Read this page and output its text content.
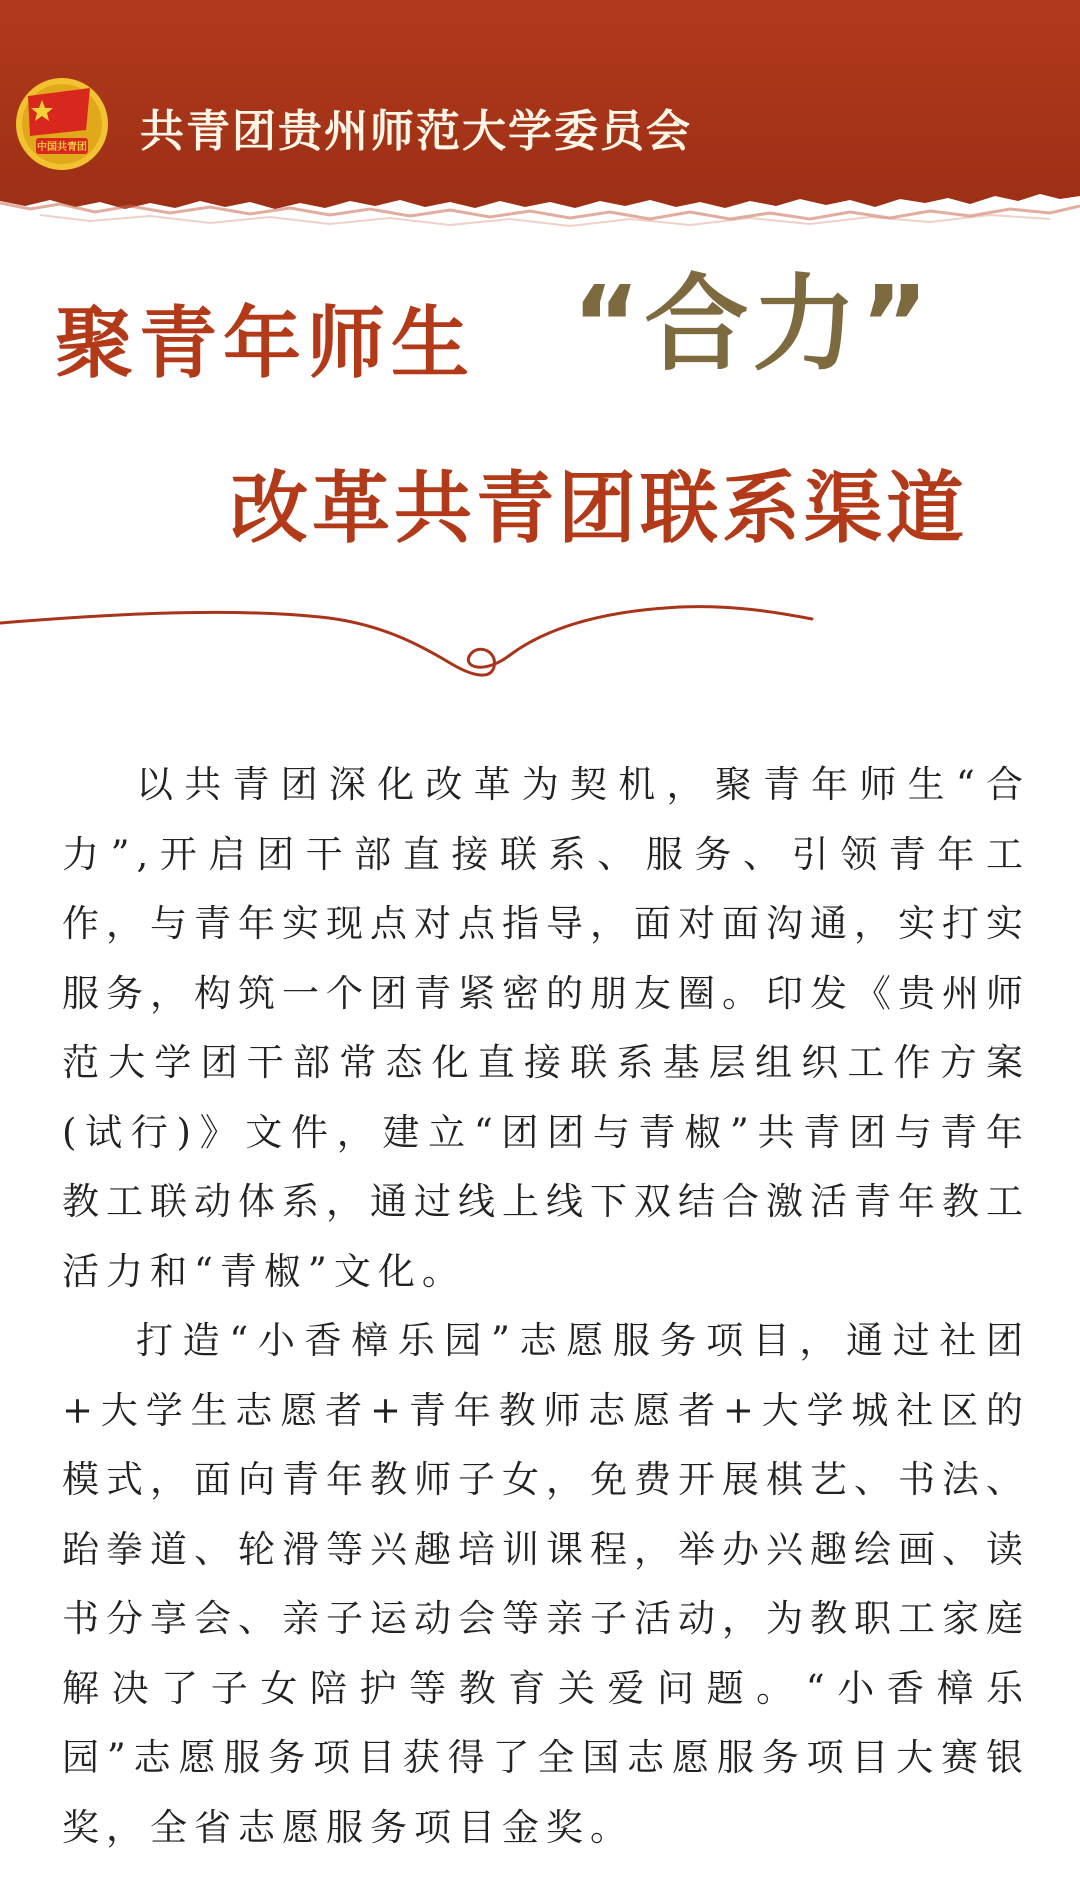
中国共青团 共青团贵州师范大学委员会
聚青年师生 “合力”
改革共青团联系渠道

以共青团深化改革为契机，聚青年师生“合力”,开启团干部直接联系、服务、引领青年工作，与青年实现点对点指导，面对面沟通，实打实服务，构筑一个团青紧密的朋友圈。印发《贵州师范大学团干部常态化直接联系基层组织工作方案(试行)》文件，建立“团团与青椒”共青团与青年教工联动体系，通过线上线下双结合激活青年教工活力和“青椒”文化。

打造“小香樟乐园”志愿服务项目，通过社团+大学生志愿者+青年教师志愿者+大学城社区的模式，面向青年教师子女，免费开展棋艺、书法、跆拳道、轮滑等兴趣培训课程，举办兴趣绘画、读书分享会、亲子运动会等亲子活动，为教职工家庭解决了子女陪护等教育关爱问题。“小香樟乐园”志愿服务项目获得了全国志愿服务项目大赛银奖，全省志愿服务项目金奖。
